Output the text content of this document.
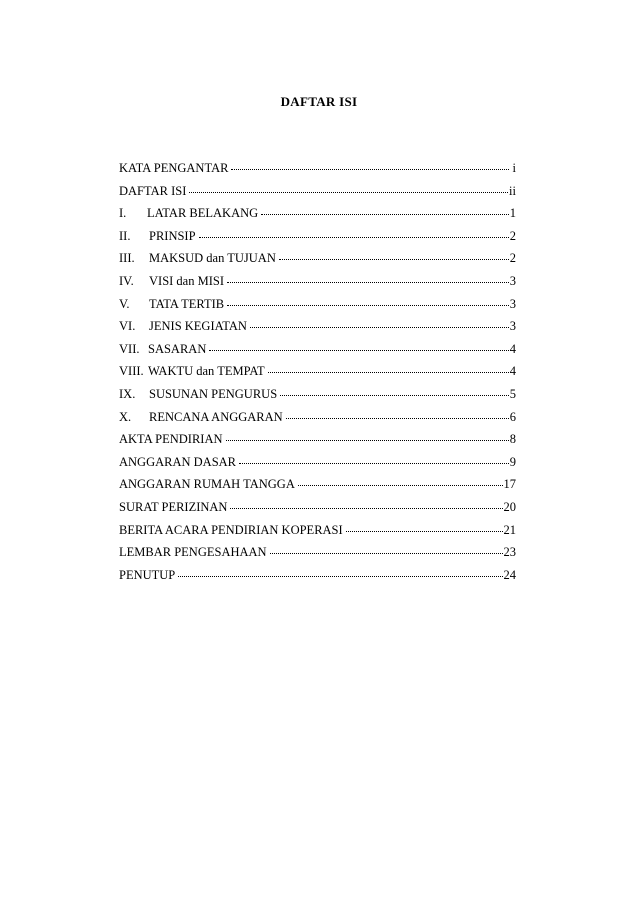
DAFTAR ISI
KATA PENGANTAR	i
DAFTAR ISI	ii
I.	LATAR BELAKANG	1
II.	PRINSIP	2
III.	MAKSUD dan TUJUAN	2
IV.	VISI dan MISI	3
V.	TATA TERTIB	3
VI.	JENIS KEGIATAN	3
VII. SASARAN	4
VIII. WAKTU dan TEMPAT	4
IX.	SUSUNAN PENGURUS	5
X.	RENCANA ANGGARAN	6
AKTA PENDIRIAN	8
ANGGARAN DASAR	9
ANGGARAN RUMAH TANGGA	17
SURAT PERIZINAN	20
BERITA ACARA PENDIRIAN KOPERASI	21
LEMBAR PENGESAHAAN	23
PENUTUP	24
